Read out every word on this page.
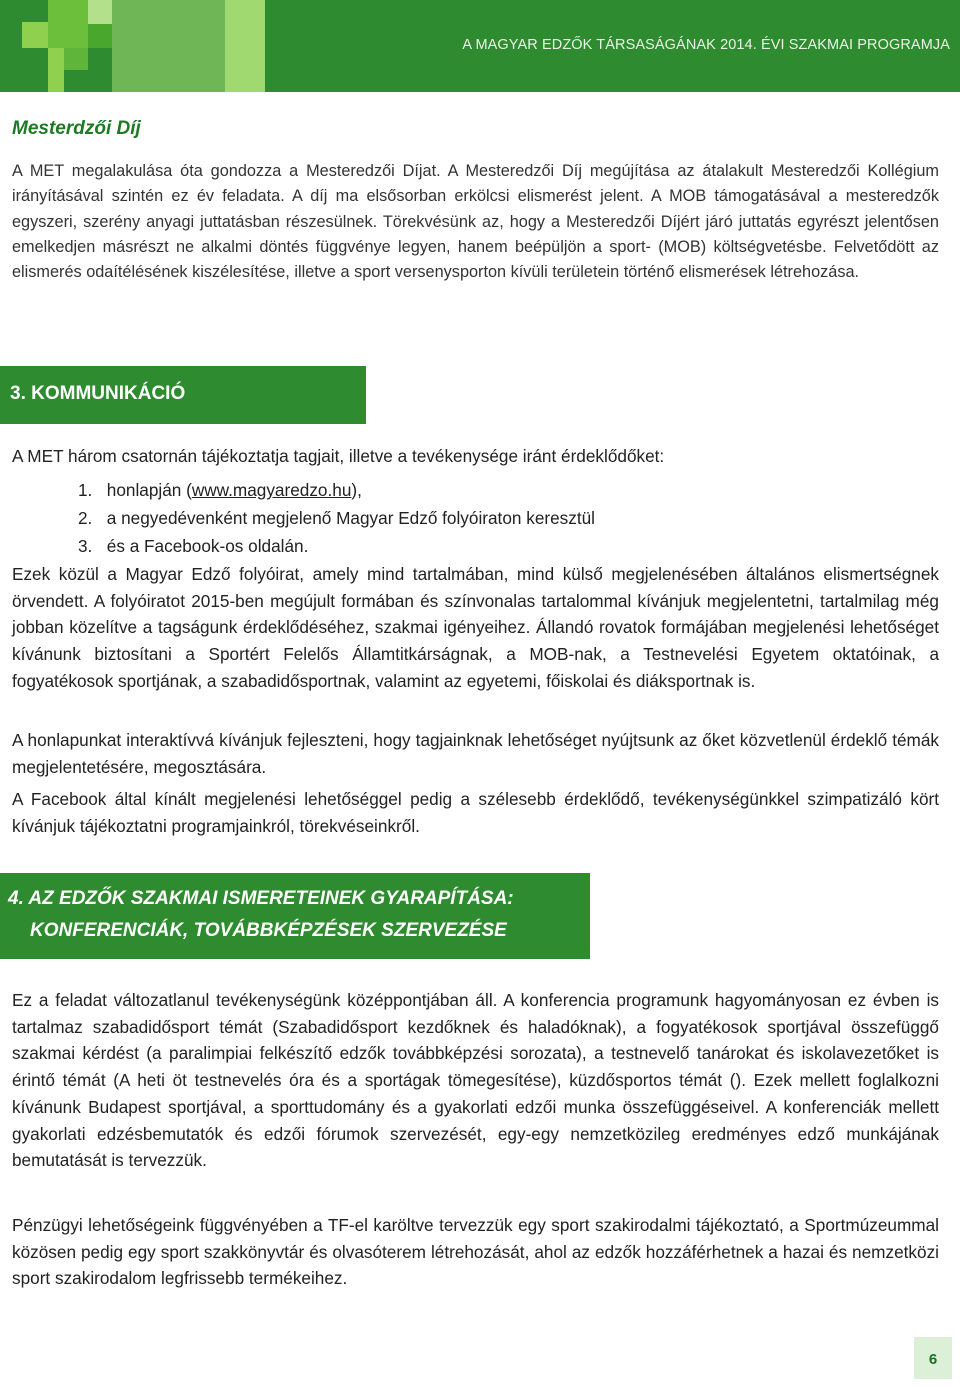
A MAGYAR EDZŐK TÁRSASÁGÁNAK 2014. ÉVI SZAKMAI PROGRAMJA
Mesterdzői Díj
A MET megalakulása óta gondozza a Mesteredzői Díjat. A Mesteredzői Díj megújítása az átalakult Mesteredzői Kollégium irányításával szintén ez év feladata. A díj ma elsősorban erkölcsi elismerést jelent. A MOB támogatásával a mesteredzők egyszeri, szerény anyagi juttatásban részesülnek. Törekvésünk az, hogy a Mesteredzői Díjért járó juttatás egyrészt jelentősen emelkedjen másrészt ne alkalmi döntés függvénye legyen, hanem beépüljön a sport- (MOB) költségvetésbe. Felvetődött az elismerés odaítélésének kiszélesítése, illetve a sport versenysporton kívüli területein történő elismerések létrehozása.
3. KOMMUNIKÁCIÓ
A MET három csatornán tájékoztatja tagjait, illetve a tevékenysége iránt érdeklődőket:
1. honlapján (www.magyaredzo.hu),
2. a negyedévenként megjelenő Magyar Edző folyóiraton keresztül
3. és a Facebook-os oldalán.
Ezek közül a Magyar Edző folyóirat, amely mind tartalmában, mind külső megjelenésében általános elismertségnek örvendett. A folyóiratot 2015-ben megújult formában és színvonalas tartalommal kívánjuk megjelentetni, tartalmilag még jobban közelítve a tagságunk érdeklődéséhez, szakmai igényeihez. Állandó rovatok formájában megjelenési lehetőséget kívánunk biztosítani a Sportért Felelős Államtitkárságnak, a MOB-nak, a Testnevelési Egyetem oktatóinak, a fogyatékosok sportjának, a szabadidősportnak, valamint az egyetemi, főiskolai és diáksportnak is.
A honlapunkat interaktívvá kívánjuk fejleszteni, hogy tagjainknak lehetőséget nyújtsunk az őket közvetlenül érdeklő témák megjelentetésére, megosztására.
A Facebook által kínált megjelenési lehetőséggel pedig a szélesebb érdeklődő, tevékenységünkkel szimpatizáló kört kívánjuk tájékoztatni programjainkról, törekvéseinkről.
4. AZ EDZŐK SZAKMAI ISMERETEINEK GYARAPÍTÁSA:
KONFERENCIÁK, TOVÁBBKÉPZÉSEK SZERVEZÉSE
Ez a feladat változatlanul tevékenységünk középpontjában áll. A konferencia programunk hagyományosan ez évben is tartalmaz szabadidősport témát (Szabadidősport kezdőknek és haladóknak), a fogyatékosok sportjával összefüggő szakmai kérdést (a paralimpiai felkészítő edzők továbbképzési sorozata), a testnevelő tanárokat és iskolavezetőket is érintő témát (A heti öt testnevelés óra és a sportágak tömegesítése), küzdősportos témát (). Ezek mellett foglalkozni kívánunk Budapest sportjával, a sporttudomány és a gyakorlati edzői munka összefüggéseivel. A konferenciák mellett gyakorlati edzésbemutatók és edzői fórumok szervezését, egy-egy nemzetközileg eredményes edző munkájának bemutatását is tervezzük.
Pénzügyi lehetőségeink függvényében a TF-el karöltve tervezzük egy sport szakirodalmi tájékoztató, a Sportmúzeummal közösen pedig egy sport szakkönyvtár és olvasóterem létrehozását, ahol az edzők hozzáférhetnek a hazai és nemzetközi sport szakirodalom legfrissebb termékeihez.
6
